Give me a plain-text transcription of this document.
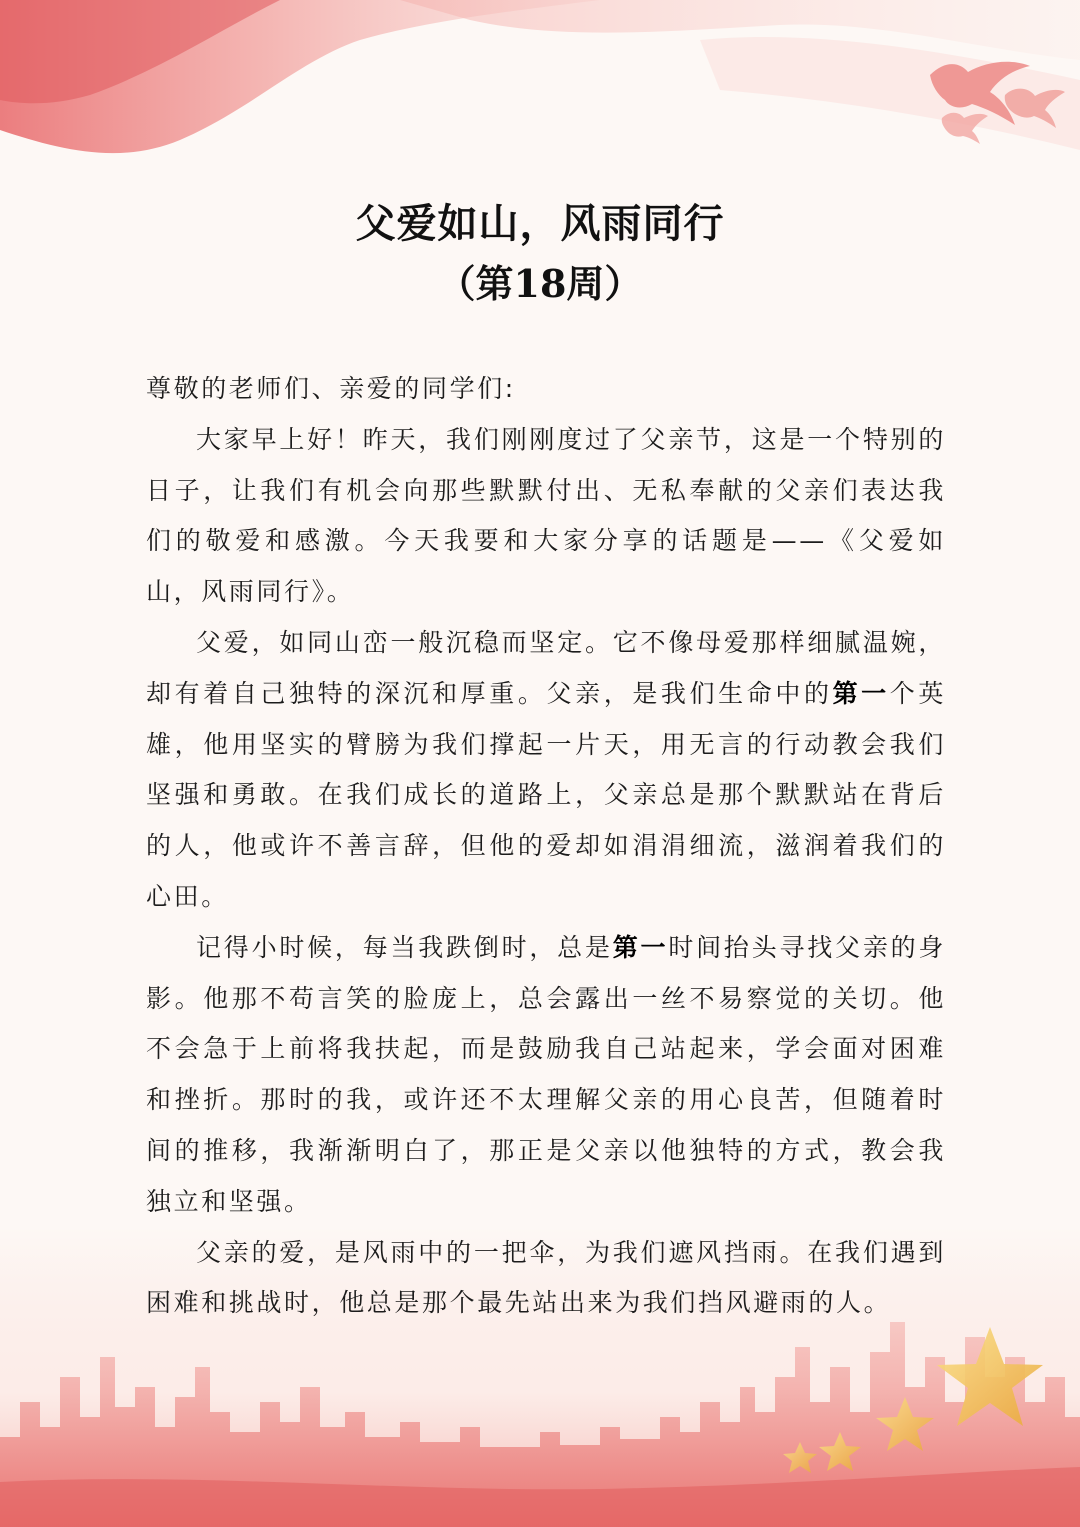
父爱如山，风雨同行
（第18周）

尊敬的老师们、亲爱的同学们:

大家早上好！昨天，我们刚刚度过了父亲节，这是一个特别的日子，让我们有机会向那些默默付出、无私奉献的父亲们表达我们的敬爱和感激。今天我要和大家分享的话题是——《父爱如山，风雨同行》。

父爱，如同山峦一般沉稳而坚定。它不像母爱那样细腻温婉，却有着自己独特的深沉和厚重。父亲，是我们生命中的第一个英雄，他用坚实的臂膀为我们撑起一片天，用无言的行动教会我们坚强和勇敢。在我们成长的道路上，父亲总是那个默默站在背后的人，他或许不善言辞，但他的爱却如涓涓细流，滋润着我们的心田。

记得小时候，每当我跌倒时，总是第一时间抬头寻找父亲的身影。他那不苟言笑的脸庞上，总会露出一丝不易察觉的关切。他不会急于上前将我扶起，而是鼓励我自己站起来，学会面对困难和挫折。那时的我，或许还不太理解父亲的用心良苦，但随着时间的推移，我渐渐明白了，那正是父亲以他独特的方式，教会我独立和坚强。

父亲的爱，是风雨中的一把伞，为我们遮风挡雨。在我们遇到困难和挑战时，他总是那个最先站出来为我们挡风避雨的人。
